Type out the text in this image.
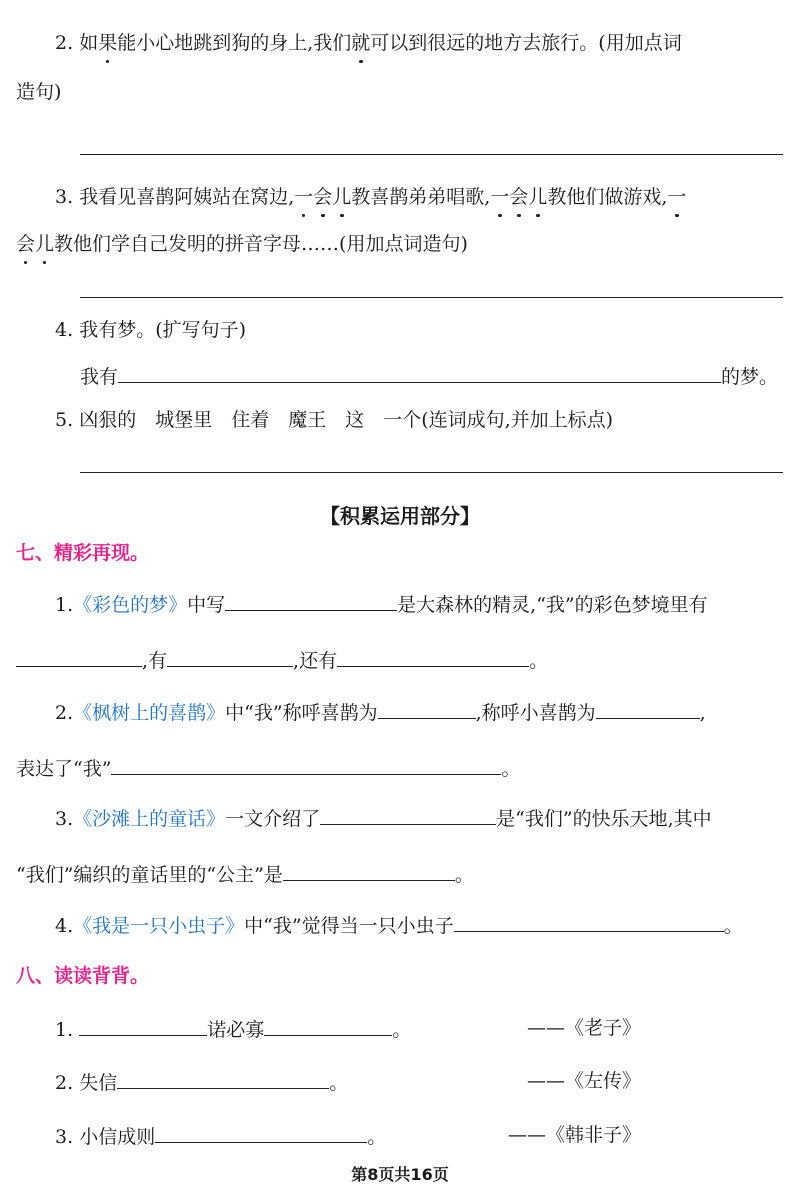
2. 如果能小心地跳到狗的身上,我们就可以到很远的地方去旅行。(用加点词
造句)
3. 我看见喜鹊阿姨站在窝边,一会儿教喜鹊弟弟唱歌,一会儿教他们做游戏,一
会儿教他们学自己发明的拼音字母……(用加点词造句)
4. 我有梦。(扩写句子)
我有	的梦。
5. 凶狠的　城堡里　住着　魔王　这　一个(连词成句,并加上标点)
【积累运用部分】
七、精彩再现。
1.《彩色的梦》中写	是大森林的精灵,“我”的彩色梦境里有
,有	,还有	。
2.《枫树上的喜鹊》中“我”称呼喜鹊为	,称呼小喜鹊为	,
表达了“我”	。
3.《沙滩上的童话》一文介绍了	是“我们”的快乐天地,其中
“我们”编织的童话里的“公主”是	。
4.《我是一只小虫子》中“我”觉得当一只小虫子	。
八、读读背背。
1.	诺必寡	。	——《老子》
2. 失信	。	——《左传》
3. 小信成则	。	——《韩非子》
第8页共16页
